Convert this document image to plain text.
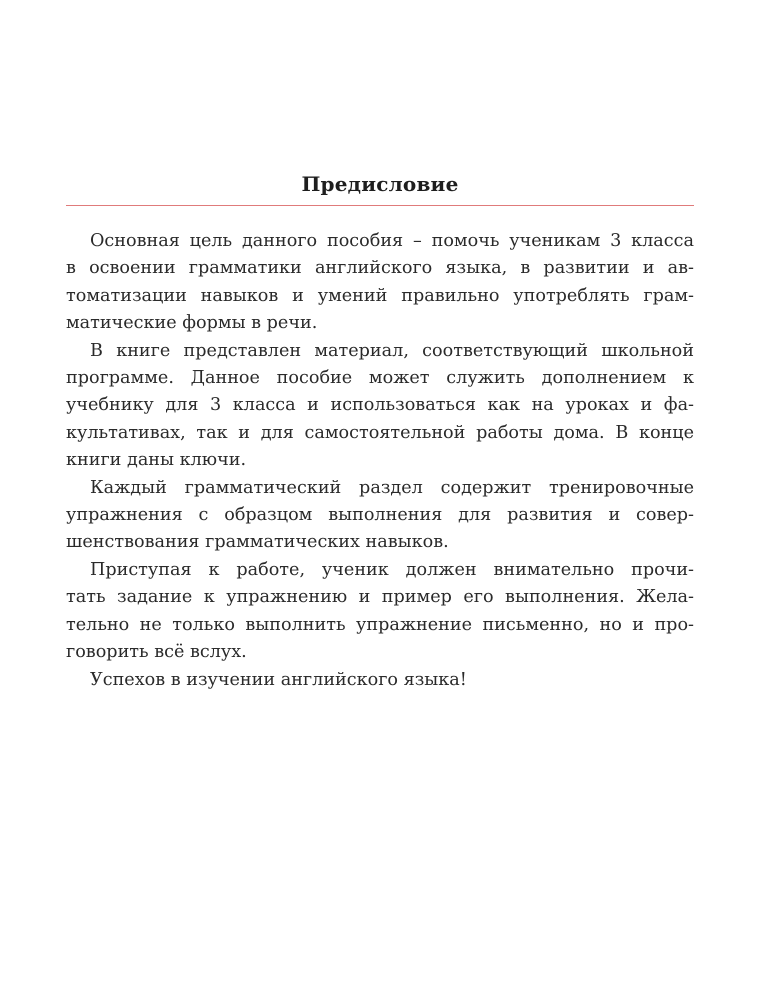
Предисловие
Основная цель данного пособия – помочь ученикам 3 класса
в освоении грамматики английского языка, в развитии и ав-
томатизации навыков и умений правильно употреблять грам-
матические формы в речи.
В книге представлен материал, соответствующий школьной
программе. Данное пособие может служить дополнением к
учебнику для 3 класса и использоваться как на уроках и фа-
культативах, так и для самостоятельной работы дома. В конце
книги даны ключи.
Каждый грамматический раздел содержит тренировочные
упражнения с образцом выполнения для развития и совер-
шенствования грамматических навыков.
Приступая к работе, ученик должен внимательно прочи-
тать задание к упражнению и пример его выполнения. Жела-
тельно не только выполнить упражнение письменно, но и про-
говорить всё вслух.
Успехов в изучении английского языка!
